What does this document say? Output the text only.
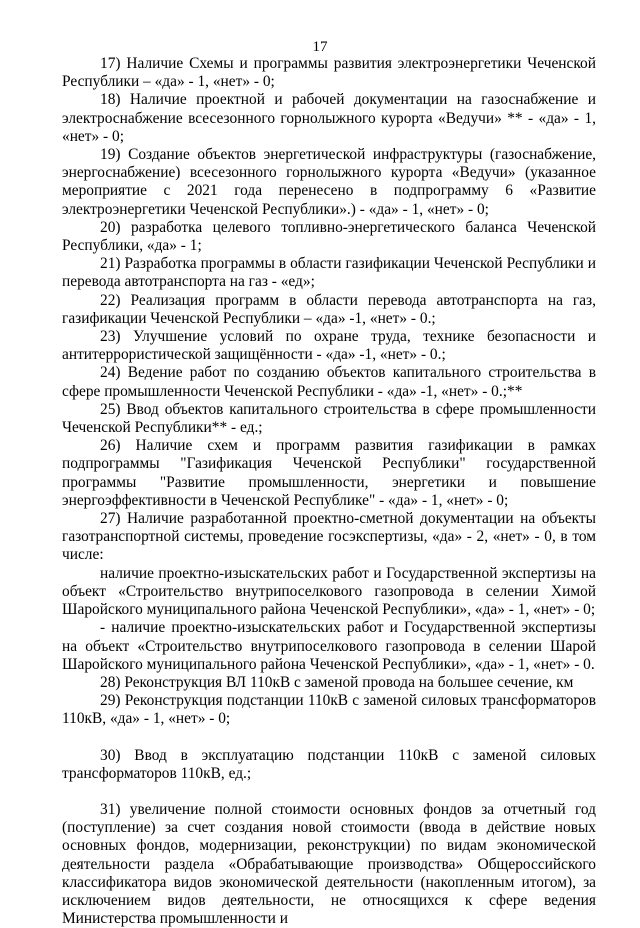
17

17) Наличие Схемы и программы развития электроэнергетики Чеченской Республики – «да» - 1, «нет» - 0;

18) Наличие проектной и рабочей документации на газоснабжение и электроснабжение всесезонного горнолыжного курорта «Ведучи» ** - «да» - 1, «нет» - 0;

19) Создание объектов энергетической инфраструктуры (газоснабжение, энергоснабжение) всесезонного горнолыжного курорта «Ведучи» (указанное мероприятие с 2021 года перенесено в подпрограмму 6 «Развитие электроэнергетики Чеченской Республики».) - «да» - 1, «нет» - 0;

20) разработка целевого топливно-энергетического баланса Чеченской Республики, «да» - 1;

21) Разработка программы в области газификации Чеченской Республики и перевода автотранспорта на газ - «ед»;

22) Реализация программ в области перевода автотранспорта на газ, газификации Чеченской Республики – «да» -1, «нет» - 0.;

23) Улучшение условий по охране труда, технике безопасности и антитеррористической защищённости - «да» -1, «нет» - 0.;

24) Ведение работ по созданию объектов капитального строительства в сфере промышленности Чеченской Республики - «да» -1, «нет» - 0.;**

25) Ввод объектов капитального строительства в сфере промышленности Чеченской Республики** - ед.;

26) Наличие схем и программ развития газификации в рамках подпрограммы "Газификация Чеченской Республики" государственной программы "Развитие промышленности, энергетики и повышение энергоэффективности в Чеченской Республике" - «да» - 1, «нет» - 0;

27) Наличие разработанной проектно-сметной документации на объекты газотранспортной системы, проведение госэкспертизы, «да» - 2, «нет» - 0, в том числе:

наличие проектно-изыскательских работ и Государственной экспертизы на объект «Строительство внутрипоселкового газопровода в селении Химой Шаройского муниципального района Чеченской Республики», «да» - 1, «нет» - 0;

- наличие проектно-изыскательских работ и Государственной экспертизы на объект «Строительство внутрипоселкового газопровода в селении Шарой Шаройского муниципального района Чеченской Республики», «да» - 1, «нет» - 0.

28) Реконструкция ВЛ 110кВ с заменой провода на большее сечение, км

29) Реконструкция подстанции 110кВ с заменой силовых трансформаторов 110кВ, «да» - 1, «нет» - 0;

30) Ввод в эксплуатацию подстанции 110кВ с заменой силовых трансформаторов 110кВ, ед.;

31) увеличение полной стоимости основных фондов за отчетный год (поступление) за счет создания новой стоимости (ввода в действие новых основных фондов, модернизации, реконструкции) по видам экономической деятельности раздела «Обрабатывающие производства» Общероссийского классификатора видов экономической деятельности (накопленным итогом), за исключением видов деятельности, не относящихся к сфере ведения Министерства промышленности и
